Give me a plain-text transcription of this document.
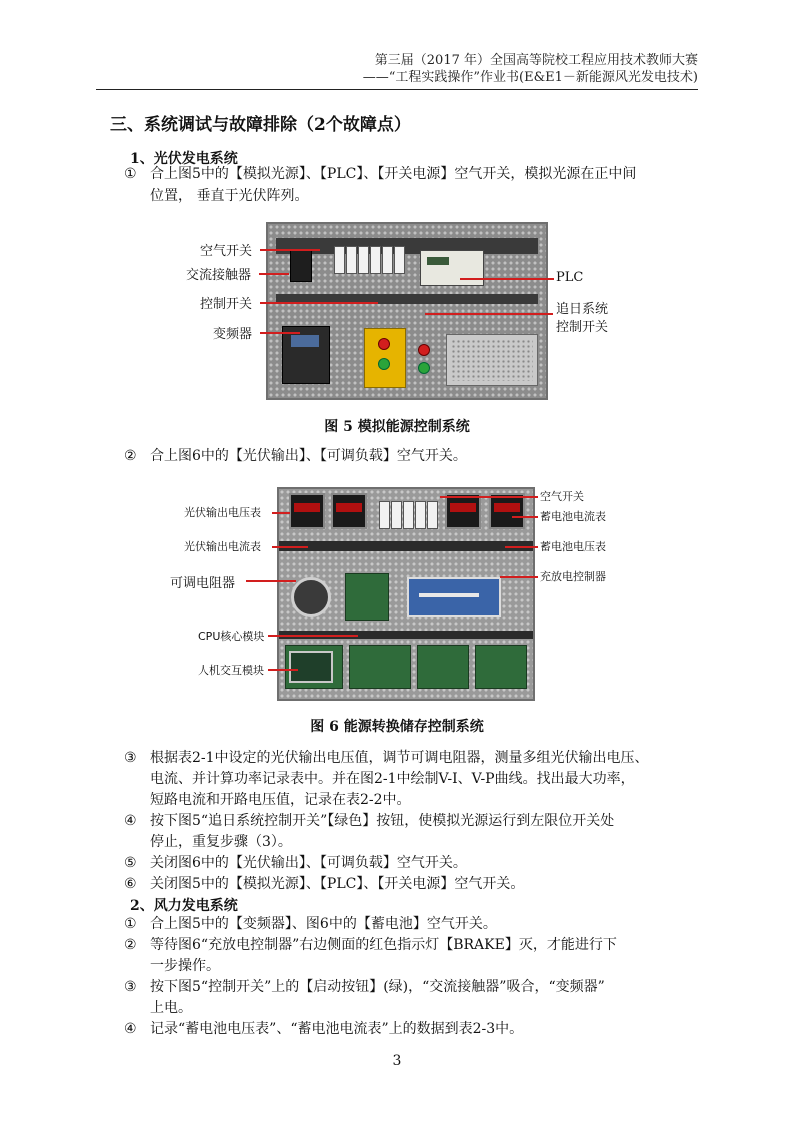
第三届（2017 年）全国高等院校工程应用技术教师大赛
——“工程实践操作”作业书(E&E1－新能源风光发电技术)
三、系统调试与故障排除（2个故障点）
1、光伏发电系统
① 合上图5中的【模拟光源】、【PLC】、【开关电源】空气开关，模拟光源在正中间
位置， 垂直于光伏阵列。
空气开关
交流接触器
控制开关
变频器
PLC
追日系统
控制开关
图 5 模拟能源控制系统
② 合上图6中的【光伏输出】、【可调负载】空气开关。
光伏输出电压表
光伏输出电流表
可调电阻器
CPU核心模块
人机交互模块
空气开关
蓄电池电流表
蓄电池电压表
充放电控制器
图 6 能源转换储存控制系统
③ 根据表2-1中设定的光伏输出电压值，调节可调电阻器，测量多组光伏输出电压、
电流、并计算功率记录表中。并在图2-1中绘制V-I、V-P曲线。找出最大功率，
短路电流和开路电压值，记录在表2-2中。
④ 按下图5“追日系统控制开关”【绿色】按钮，使模拟光源运行到左限位开关处
停止，重复步骤（3）。
⑤ 关闭图6中的【光伏输出】、【可调负载】空气开关。
⑥ 关闭图5中的【模拟光源】、【PLC】、【开关电源】空气开关。
2、风力发电系统
① 合上图5中的【变频器】、图6中的【蓄电池】空气开关。
② 等待图6“充放电控制器”右边侧面的红色指示灯【BRAKE】灭，才能进行下
一步操作。
③ 按下图5“控制开关”上的【启动按钮】(绿)，“交流接触器”吸合，“变频器”
上电。
④ 记录“蓄电池电压表”、“蓄电池电流表”上的数据到表2-3中。
3
